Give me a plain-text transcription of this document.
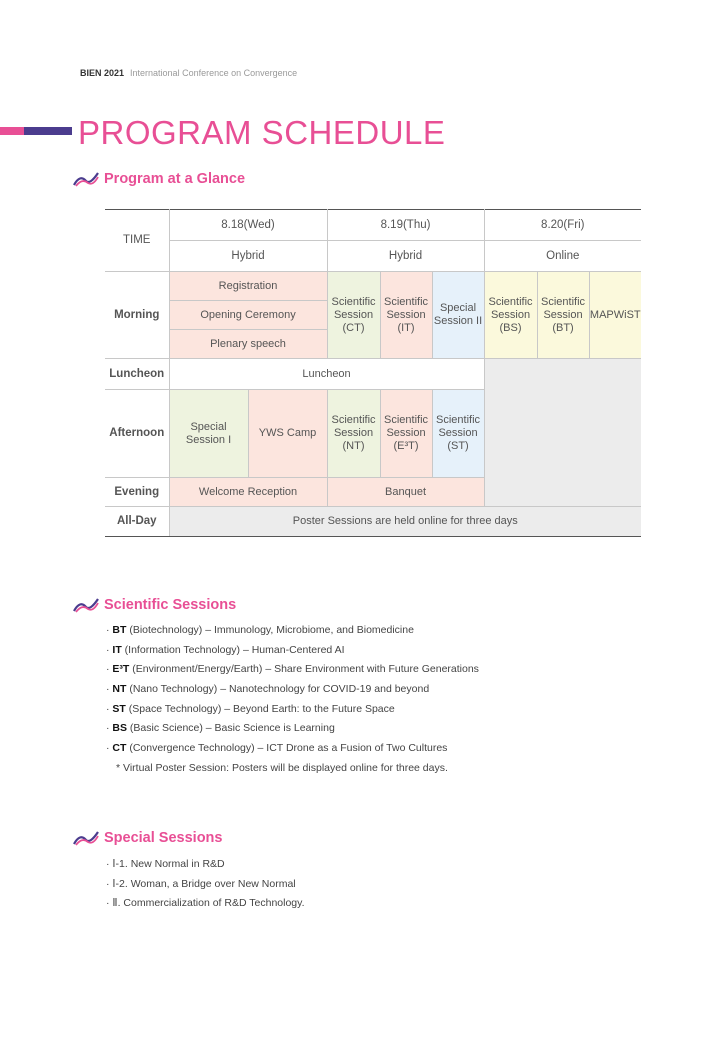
BIEN 2021 International Conference on Convergence
PROGRAM SCHEDULE
Program at a Glance
TIME	8.18(Wed)		8.19(Thu)			8.20(Fri)		
	Hybrid		Hybrid			Online		
Morning	Registration		Scientific Session (CT)	Scientific Session (IT)	Special Session II	Scientific Session (BS)	Scientific Session (BT)	MAPWiST
	Opening Ceremony							
	Plenary speech							
Luncheon	Luncheon							
Afternoon	Special Session I	YWS Camp	Scientific Session (NT)	Scientific Session (E³T)	Scientific Session (ST)			
Evening	Welcome Reception		Banquet					
All-Day	Poster Sessions are held online for three days							
Scientific Sessions
· BT (Biotechnology) – Immunology, Microbiome, and Biomedicine
· IT (Information Technology) – Human-Centered AI
· E³T (Environment/Energy/Earth) – Share Environment with Future Generations
· NT (Nano Technology) – Nanotechnology for COVID-19 and beyond
· ST (Space Technology) – Beyond Earth: to the Future Space
· BS (Basic Science) – Basic Science is Learning
· CT (Convergence Technology) – ICT Drone as a Fusion of Two Cultures
* Virtual Poster Session: Posters will be displayed online for three days.
Special Sessions
· Ⅰ-1. New Normal in R&D
· Ⅰ-2. Woman, a Bridge over New Normal
· Ⅱ. Commercialization of R&D Technology.
